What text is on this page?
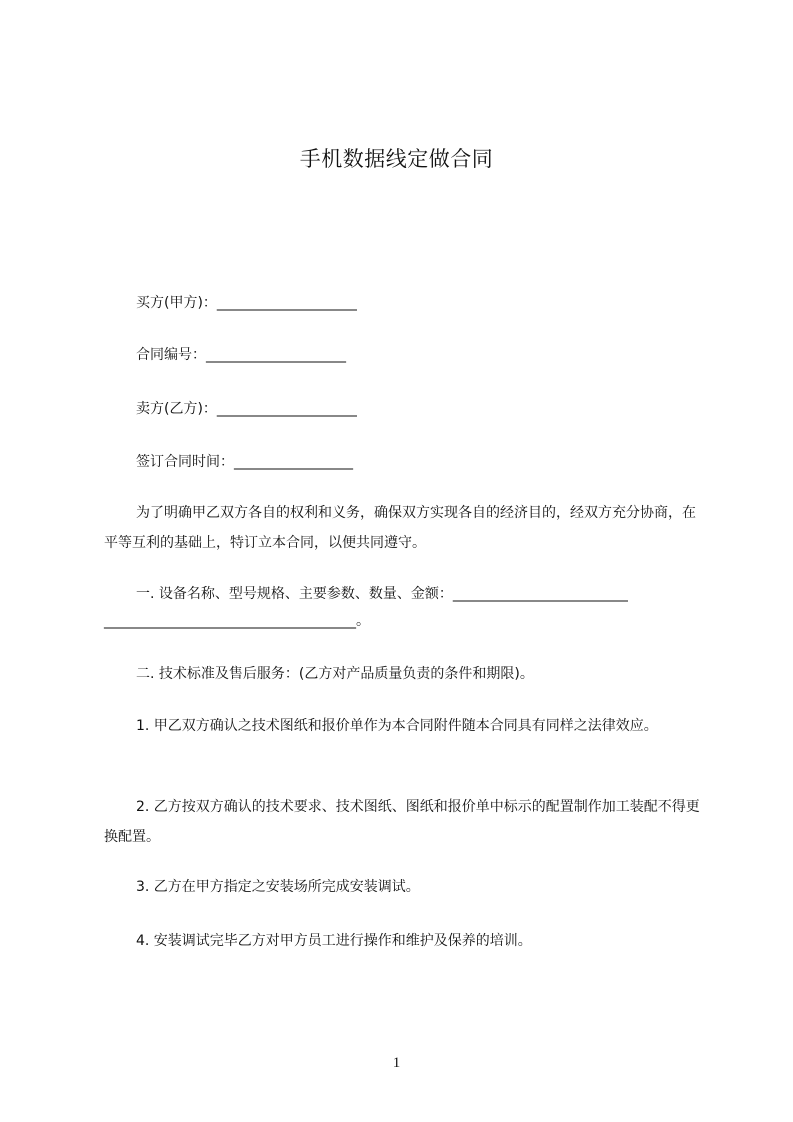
手机数据线定做合同
买方(甲方)：____________________
合同编号：____________________
卖方(乙方)：____________________
签订合同时间：_________________
为了明确甲乙双方各自的权利和义务，确保双方实现各自的经济目的，经双方充分协商，在平等互利的基础上，特订立本合同，以便共同遵守。
一. 设备名称、型号规格、主要参数、数量、金额：_________________________
____________________________________。
二. 技术标准及售后服务：(乙方对产品质量负责的条件和期限)。
1. 甲乙双方确认之技术图纸和报价单作为本合同附件随本合同具有同样之法律效应。
2. 乙方按双方确认的技术要求、技术图纸、图纸和报价单中标示的配置制作加工装配不得更换配置。
3. 乙方在甲方指定之安装场所完成安装调试。
4. 安装调试完毕乙方对甲方员工进行操作和维护及保养的培训。
1
